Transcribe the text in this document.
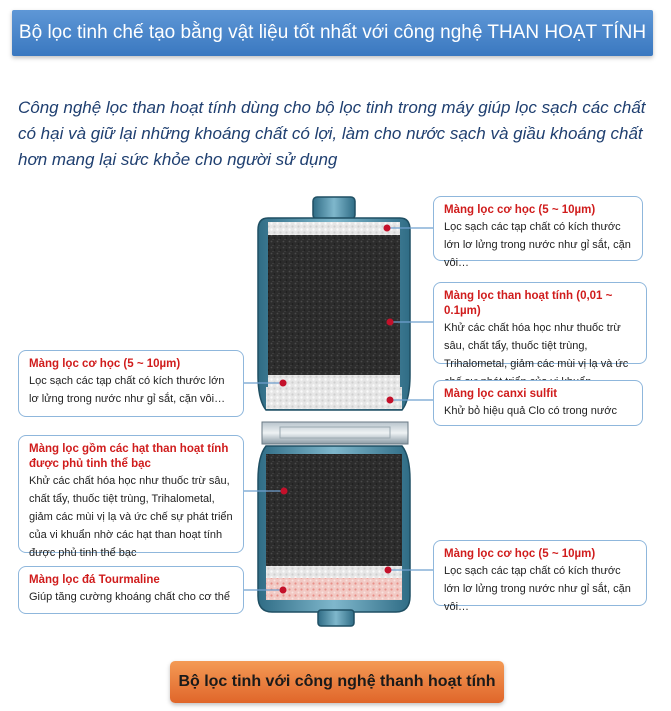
Bộ lọc tinh chế tạo bằng vật liệu tốt nhất với công nghệ THAN HOẠT TÍNH
Công nghệ lọc than hoạt tính dùng cho bộ lọc tinh trong máy giúp lọc sạch các chất có hại và giữ lại những khoáng chất có lợi, làm cho nước sạch và giầu khoáng chất hơn mang lại sức khỏe cho người sử dụng
Màng lọc cơ học (5 ~ 10µm)
Lọc sạch các tạp chất có kích thước lớn lơ lửng trong nước như gỉ sắt, cặn vôi…
Màng lọc than hoạt tính (0,01 ~ 0.1µm)
Khử các chất hóa học như thuốc trừ sâu, chất tẩy, thuốc tiệt trùng, Trihalometal, giảm các mùi vị lạ và ức
Màng lọc cơ học (5 ~ 10µm)
Lọc sạch các tạp chất có kích thước lớn lơ lửng trong nước như gỉ sắt, cặn vôi…	Màng lọc canxi sulfit
Khử bỏ hiệu quả Clo có trong nước
Màng lọc gồm các hạt than hoạt tính được phủ tinh thể bạc
Khử các chất hóa học như thuốc trừ sâu, chất tẩy, thuốc tiệt trùng, Trihalometal, giảm các mùi vị lạ và ức chế sự phát triển của vi khuẩn nhờ các hạt than hoạt tính được phủ tinh thể bạc	Màng lọc cơ học (5 ~ 10µm)
Lọc sạch các tạp chất có kích thước lớn lơ lửng trong nước như gỉ sắt, cặn vôi…
Màng lọc đá Tourmaline
Giúp tăng cường khoáng chất cho cơ thể
Bộ lọc tinh với công nghệ thanh hoạt tính
